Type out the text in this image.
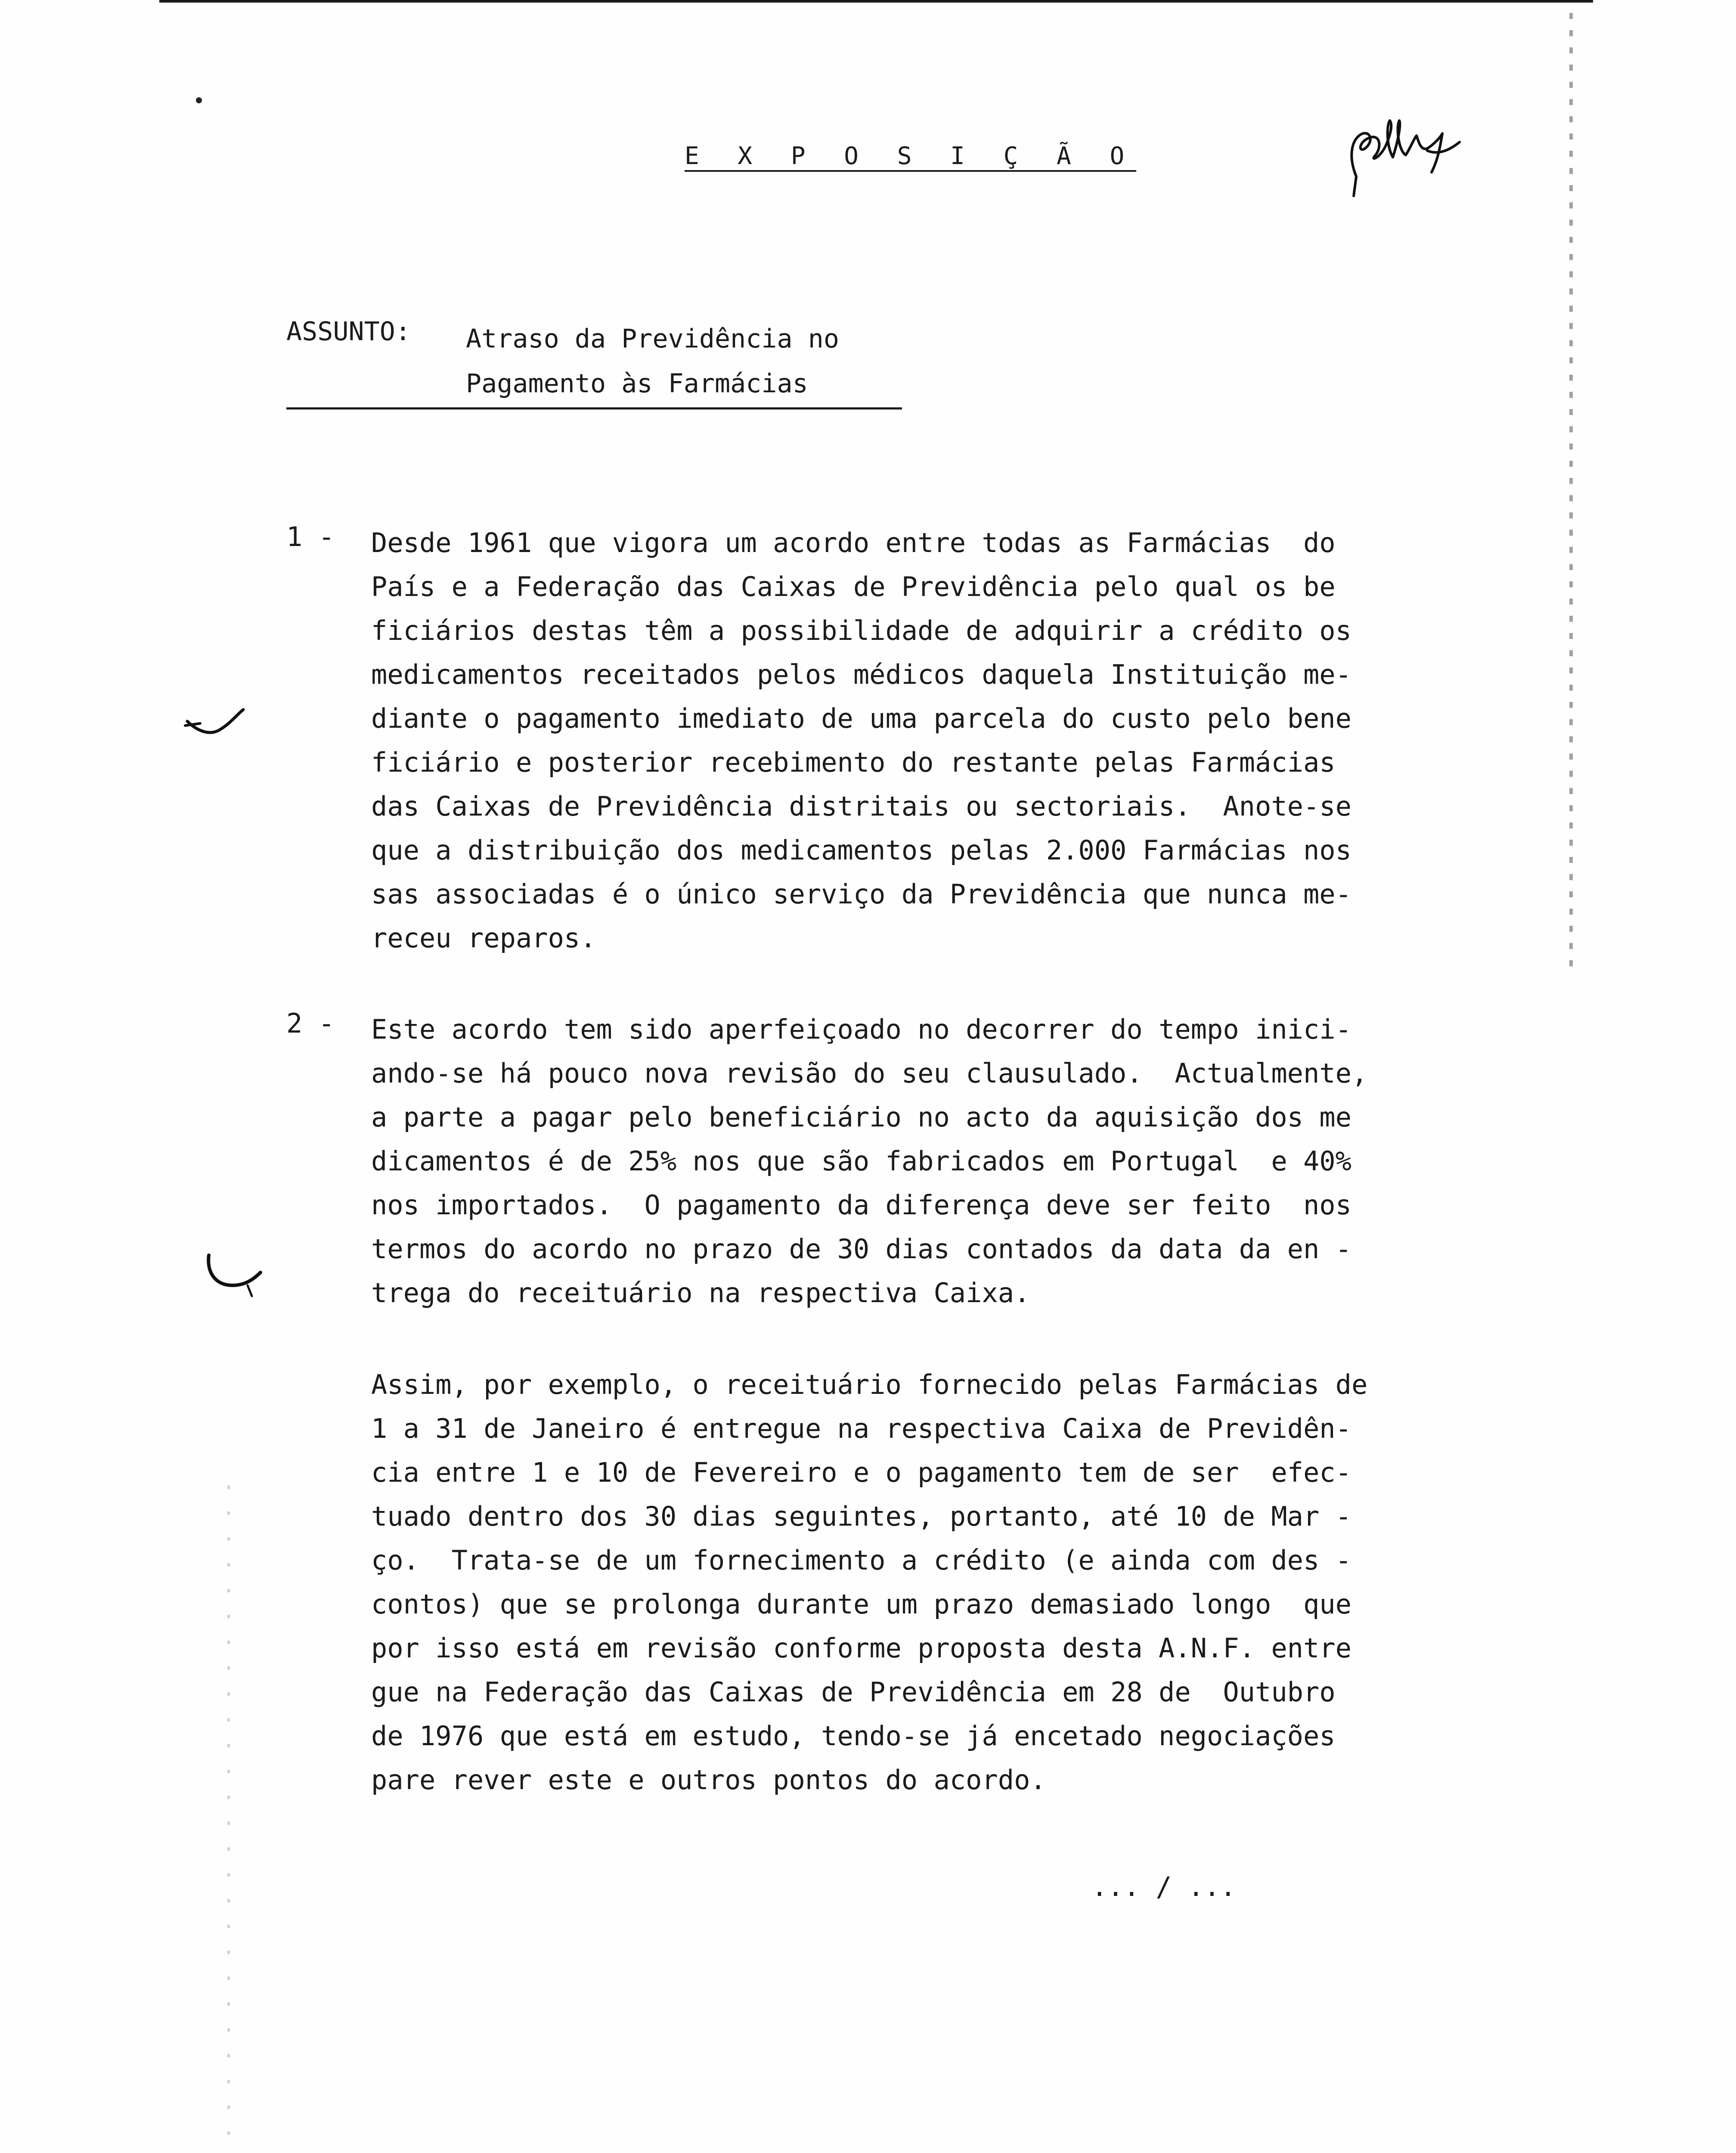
E X P O S I Ç Ã O
ASSUNTO: Atraso da Previdência no
Pagamento às Farmácias
1 - Desde 1961 que vigora um acordo entre todas as Farmácias  do
País e a Federação das Caixas de Previdência pelo qual os be
ficiários destas têm a possibilidade de adquirir a crédito os
medicamentos receitados pelos médicos daquela Instituição me-
diante o pagamento imediato de uma parcela do custo pelo bene
ficiário e posterior recebimento do restante pelas Farmácias
das Caixas de Previdência distritais ou sectoriais.  Anote-se
que a distribuição dos medicamentos pelas 2.000 Farmácias nos
sas associadas é o único serviço da Previdência que nunca me-
receu reparos.
2 - Este acordo tem sido aperfeiçoado no decorrer do tempo inici-
ando-se há pouco nova revisão do seu clausulado.  Actualmente,
a parte a pagar pelo beneficiário no acto da aquisição dos me
dicamentos é de 25% nos que são fabricados em Portugal  e 40%
nos importados.  O pagamento da diferença deve ser feito  nos
termos do acordo no prazo de 30 dias contados da data da en -
trega do receituário na respectiva Caixa.
Assim, por exemplo, o receituário fornecido pelas Farmácias de
1 a 31 de Janeiro é entregue na respectiva Caixa de Previdên-
cia entre 1 e 10 de Fevereiro e o pagamento tem de ser  efec-
tuado dentro dos 30 dias seguintes, portanto, até 10 de Mar -
ço.  Trata-se de um fornecimento a crédito (e ainda com des -
contos) que se prolonga durante um prazo demasiado longo  que
por isso está em revisão conforme proposta desta A.N.F. entre
gue na Federação das Caixas de Previdência em 28 de  Outubro
de 1976 que está em estudo, tendo-se já encetado negociações
pare rever este e outros pontos do acordo.
... / ...
